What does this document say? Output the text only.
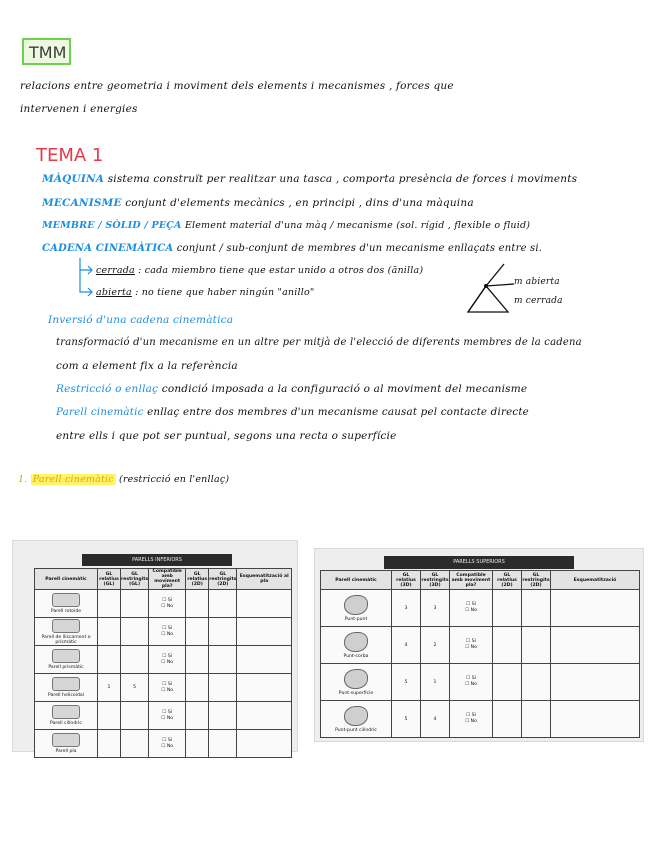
TMM
relacions entre geometria i moviment dels elements i mecanismes , forces que
intervenen i energies
TEMA 1
MÀQUINA sistema construït per realitzar una tasca , comporta presència de forces i moviments
MECANISME conjunt d'elements mecànics , en principi , dins d'una màquina
MEMBRE / SÒLID / PEÇA Element material d'una màq / mecanisme (sol. rígid , flexible o fluid)
CADENA CINEMÀTICA conjunt / sub-conjunt de membres d'un mecanisme enllaçats entre si.
cerrada : cada miembro tiene que estar unido a otros dos (ānilla)
abierta : no tiene que haber ningún "anillo"
m abierta
m cerrada
Inversió d'una cadena cinemàtica
transformació d'un mecanisme en un altre per mitjà de l'elecció de diferents membres de la cadena
com a element fix a la referència
Restricció o enllaç condició imposada a la configuració o al moviment del mecanisme
Parell cinemàtic enllaç entre dos membres d'un mecanisme causat pel contacte directe
entre ells i que pot ser puntual, segons una recta o superfície
1. Parell cinemàtic (restricció en l'enllaç)
PARELLS INFERIORS
Parell cinemàtic	GL relatius (GL)	GL restringits (GL)	Compatible amb moviment pla?	GL relatius (2D)	GL restringits (2D)	Esquematització al pla

Parell rotoide			☐ Sí
☐ No			

Parell de lliscament o prismàtic			☐ Sí
☐ No			

Parell prismàtic			☐ Sí
☐ No			

Parell helicoidal	1	5	☐ Sí
☐ No			

Parell cilíndric			☐ Sí
☐ No			

Parell pla			☐ Sí
☐ No			
PARELLS SUPERIORS
Parell cinemàtic	GL relatius (3D)	GL restringits (3D)	Compatible amb moviment pla?	GL relatius (2D)	GL restringits (2D)	Esquematització

Punt-punt	3	3	☐ Sí
☐ No			

Punt-corba	4	2	☐ Sí
☐ No			

Punt-superfície	5	1	☐ Sí
☐ No			

Punt-punt cilíndric	5	4	☐ Sí
☐ No			
